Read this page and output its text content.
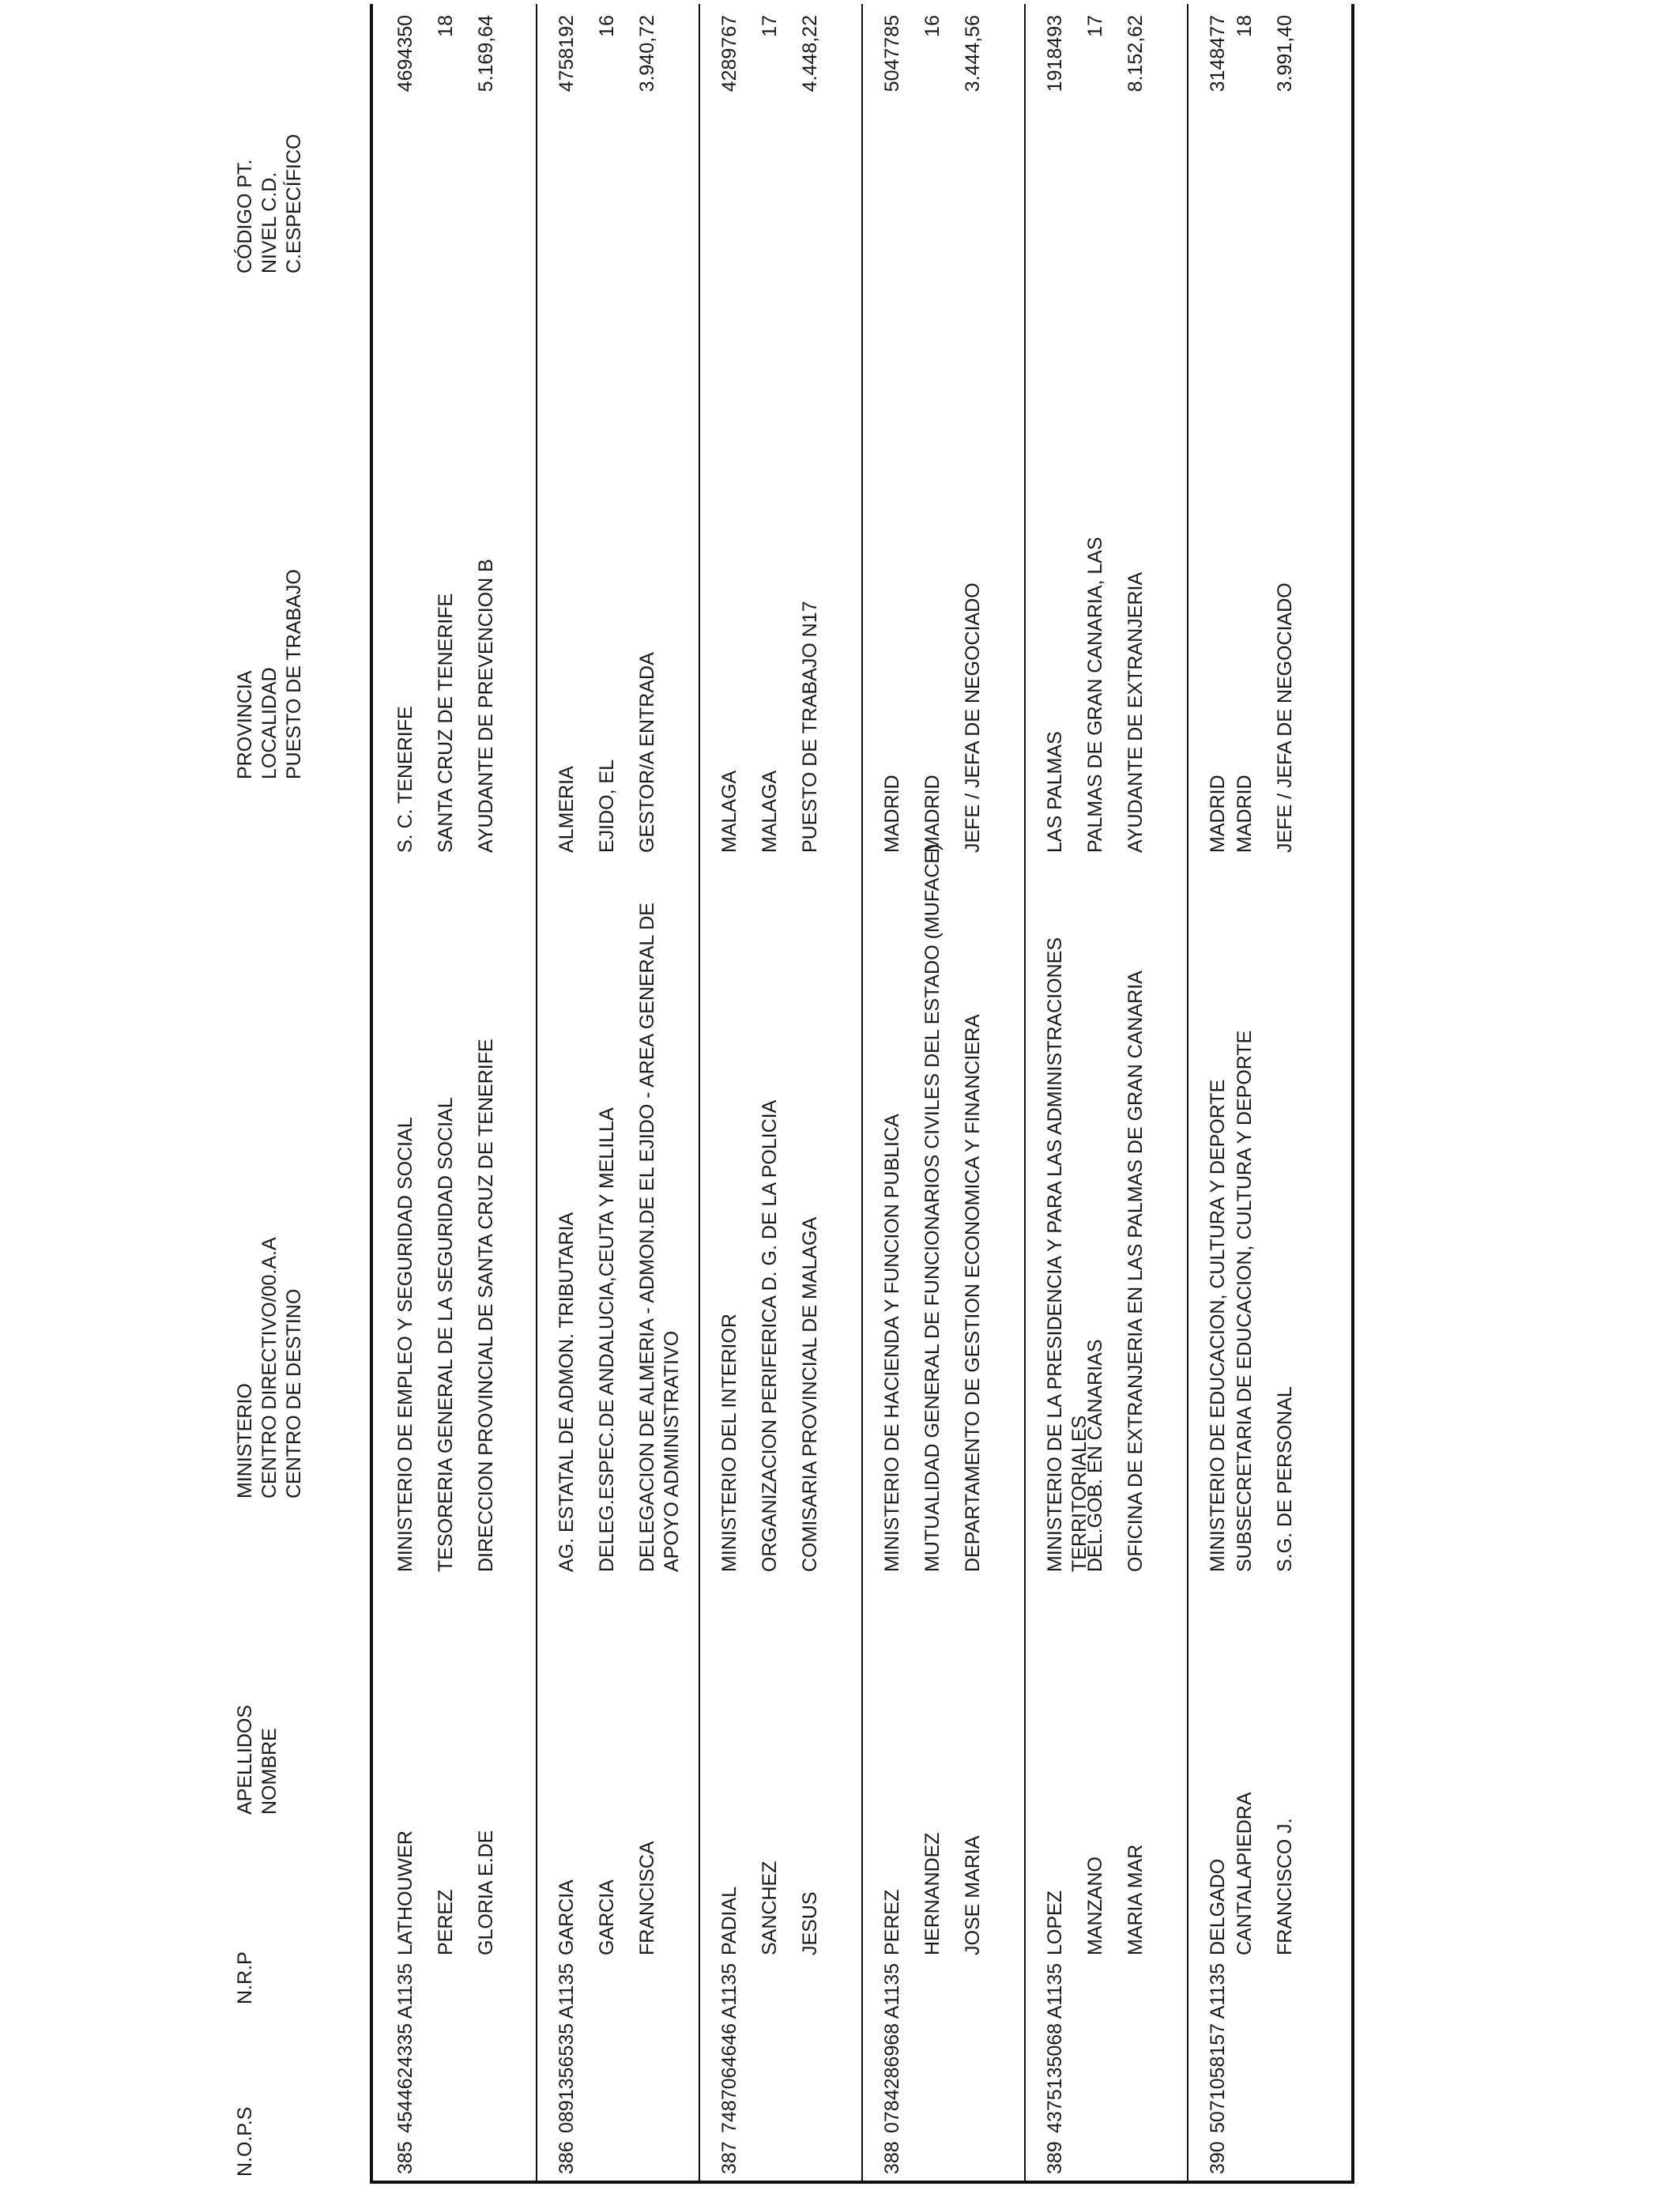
N.O.P.S
N.R.P
APELLIDOS NOMBRE
MINISTERIO CENTRO DIRECTIVO/00.A.A CENTRO DE DESTINO
PROVINCIA LOCALIDAD PUESTO DE TRABAJO
CÓDIGO PT. NIVEL C.D. C.ESPECÍFICO
385
4544624335 A1135
LATHOUWER PEREZ GLORIA E.DE
MINISTERIO DE EMPLEO Y SEGURIDAD SOCIAL TESORERIA GENERAL DE LA SEGURIDAD SOCIAL DIRECCION PROVINCIAL DE SANTA CRUZ DE TENERIFE
S. C. TENERIFE SANTA CRUZ DE TENERIFE AYUDANTE DE PREVENCION B
4694350 18 5.169,64
386
0891356535 A1135
GARCIA GARCIA FRANCISCA
AG. ESTATAL DE ADMON. TRIBUTARIA DELEG.ESPEC.DE ANDALUCIA,CEUTA Y MELILLA DELEGACION DE ALMERIA - ADMON.DE EL EJIDO - AREA GENERAL DE APOYO ADMINISTRATIVO
ALMERIA EJIDO, EL GESTOR/A ENTRADA
4758192 16 3.940,72
387
7487064646 A1135
PADIAL SANCHEZ JESUS
MINISTERIO DEL INTERIOR ORGANIZACION PERIFERICA D. G. DE LA POLICIA COMISARIA PROVINCIAL DE MALAGA
MALAGA MALAGA PUESTO DE TRABAJO N17
4289767 17 4.448,22
388
0784286968 A1135
PEREZ HERNANDEZ JOSE MARIA
MINISTERIO DE HACIENDA Y FUNCION PUBLICA MUTUALIDAD GENERAL DE FUNCIONARIOS CIVILES DEL ESTADO (MUFACE) DEPARTAMENTO DE GESTION ECONOMICA Y FINANCIERA
MADRID MADRID JEFE / JEFA DE NEGOCIADO
5047785 16 3.444,56
389
4375135068 A1135
LOPEZ MANZANO MARIA MAR
MINISTERIO DE LA PRESIDENCIA Y PARA LAS ADMINISTRACIONES TERRITORIALES
DEL.GOB. EN CANARIAS OFICINA DE EXTRANJERIA EN LAS PALMAS DE GRAN CANARIA
LAS PALMAS PALMAS DE GRAN CANARIA, LAS AYUDANTE DE EXTRANJERIA
1918493 17 8.152,62
390
5071058157 A1135
DELGADO CANTALAPIEDRA FRANCISCO J.
MINISTERIO DE EDUCACION, CULTURA Y DEPORTE SUBSECRETARIA DE EDUCACION, CULTURA Y DEPORTE S.G. DE PERSONAL
MADRID MADRID JEFE / JEFA DE NEGOCIADO
3148477 18 3.991,40
